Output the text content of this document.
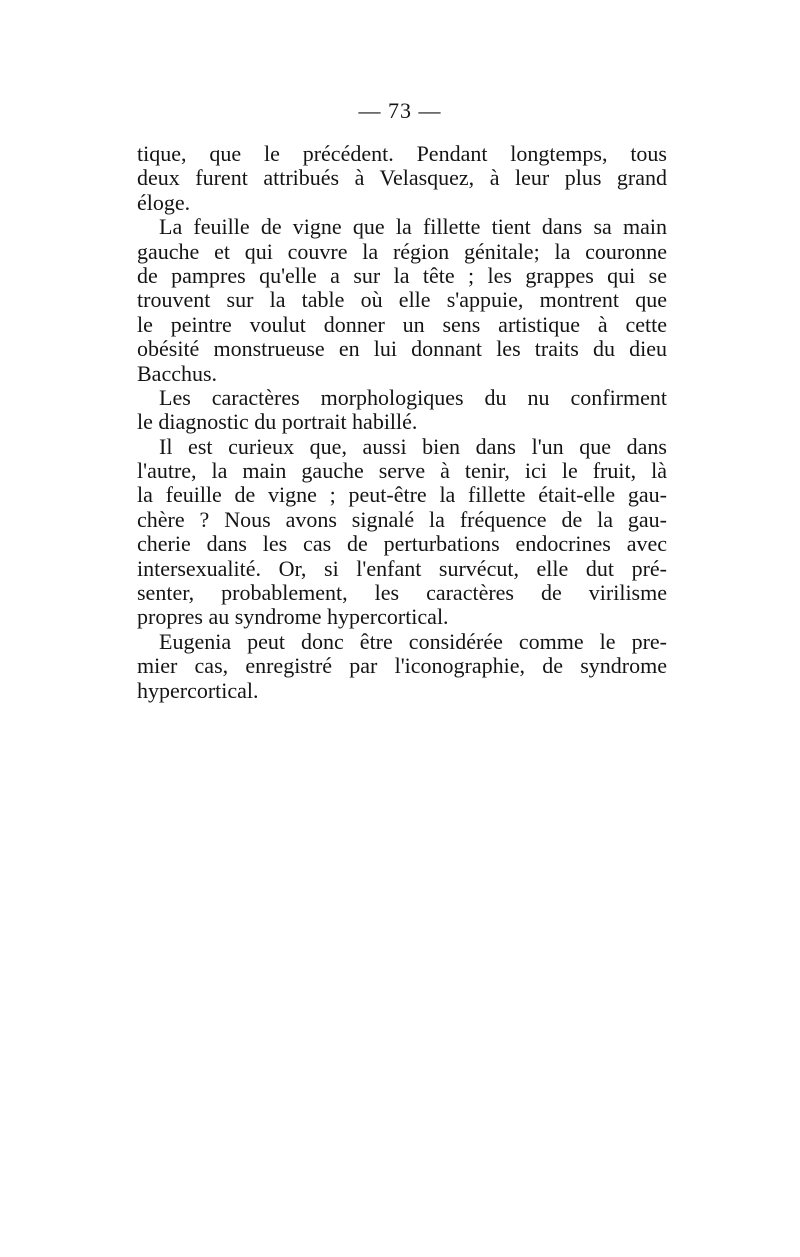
— 73 —
tique, que le précédent. Pendant longtemps, tous
deux furent attribués à Velasquez, à leur plus grand
éloge.
La feuille de vigne que la fillette tient dans sa main
gauche et qui couvre la région génitale; la couronne
de pampres qu'elle a sur la tête ; les grappes qui se
trouvent sur la table où elle s'appuie, montrent que
le peintre voulut donner un sens artistique à cette
obésité monstrueuse en lui donnant les traits du dieu
Bacchus.
Les caractères morphologiques du nu confirment
le diagnostic du portrait habillé.
Il est curieux que, aussi bien dans l'un que dans
l'autre, la main gauche serve à tenir, ici le fruit, là
la feuille de vigne ; peut-être la fillette était-elle gau-
chère ? Nous avons signalé la fréquence de la gau-
cherie dans les cas de perturbations endocrines avec
intersexualité. Or, si l'enfant survécut, elle dut pré-
senter, probablement, les caractères de virilisme
propres au syndrome hypercortical.
Eugenia peut donc être considérée comme le pre-
mier cas, enregistré par l'iconographie, de syndrome
hypercortical.
